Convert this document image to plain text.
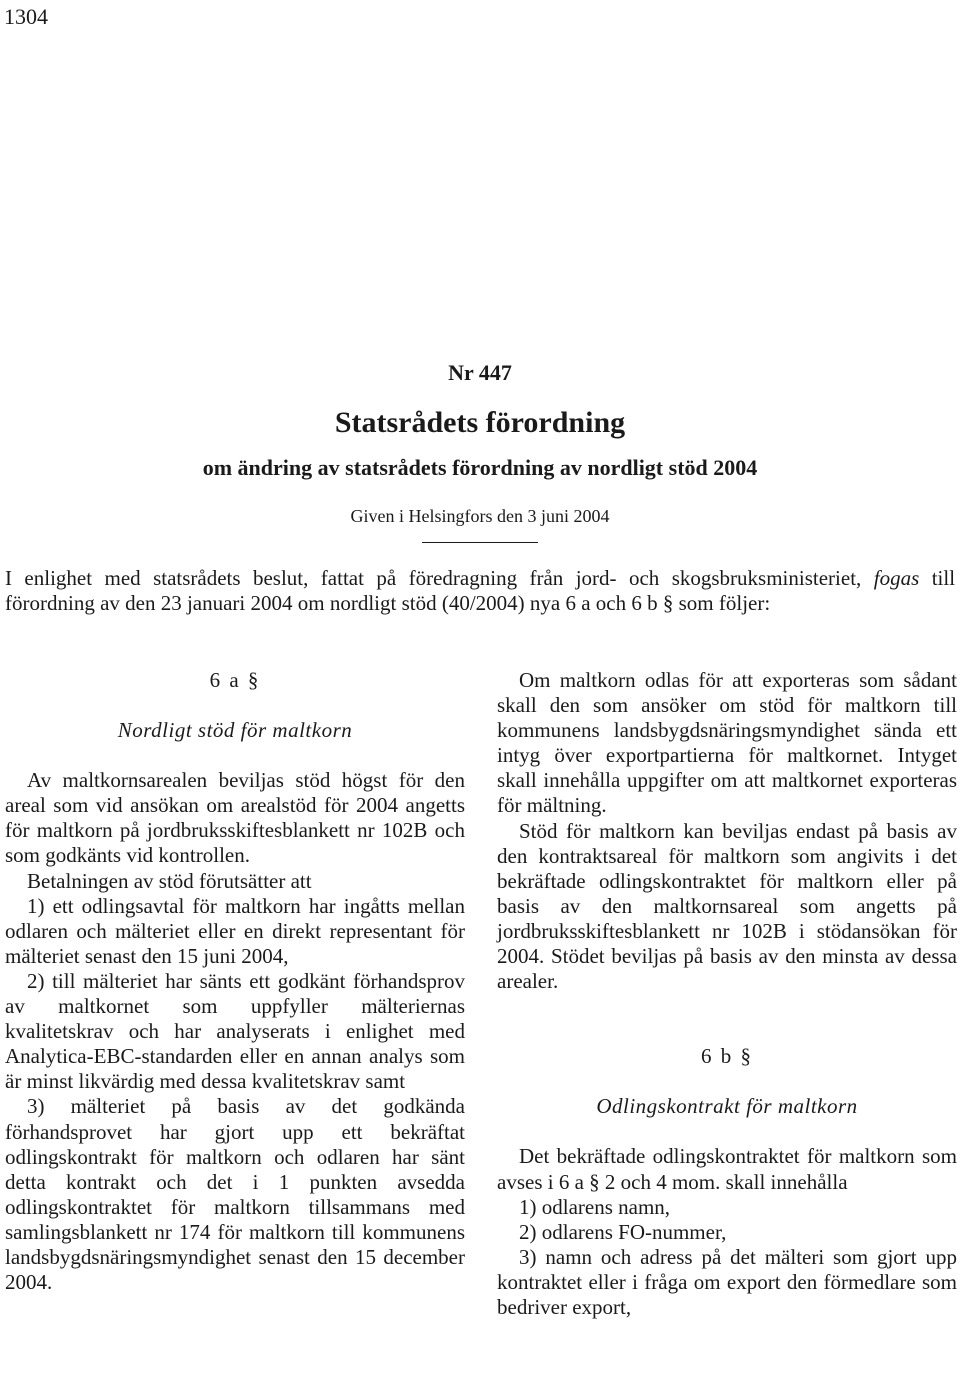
1304
Nr 447
Statsrådets förordning
om ändring av statsrådets förordning av nordligt stöd 2004
Given i Helsingfors den 3 juni 2004
I enlighet med statsrådets beslut, fattat på föredragning från jord- och skogsbruksministeriet, fogas till förordning av den 23 januari 2004 om nordligt stöd (40/2004) nya 6 a och 6 b § som följer:

6 a §

Nordligt stöd för maltkorn

Av maltkornsarealen beviljas stöd högst för den areal som vid ansökan om arealstöd för 2004 angetts för maltkorn på jordbruksskiftesblankett nr 102B och som godkänts vid kontrollen.

Betalningen av stöd förutsätter att

1) ett odlingsavtal för maltkorn har ingåtts mellan odlaren och mälteriet eller en direkt representant för mälteriet senast den 15 juni 2004,

2) till mälteriet har sänts ett godkänt förhandsprov av maltkornet som uppfyller mälteriernas kvalitetskrav och har analyserats i enlighet med Analytica-EBC-standarden eller en annan analys som är minst likvärdig med dessa kvalitetskrav samt

3) mälteriet på basis av det godkända förhandsprovet har gjort upp ett bekräftat odlingskontrakt för maltkorn och odlaren har sänt detta kontrakt och det i 1 punkten avsedda odlingskontraktet för maltkorn tillsammans med samlingsblankett nr 174 för maltkorn till kommunens landsbygdsnäringsmyndighet senast den 15 december 2004.

Om maltkorn odlas för att exporteras som sådant skall den som ansöker om stöd för maltkorn till kommunens landsbygdsnäringsmyndighet sända ett intyg över exportpartierna för maltkornet. Intyget skall innehålla uppgifter om att maltkornet exporteras för mältning.

Stöd för maltkorn kan beviljas endast på basis av den kontraktsareal för maltkorn som angivits i det bekräftade odlingskontraktet för maltkorn eller på basis av den maltkornsareal som angetts på jordbruksskiftesblankett nr 102B i stödansökan för 2004. Stödet beviljas på basis av den minsta av dessa arealer.

6 b §

Odlingskontrakt för maltkorn

Det bekräftade odlingskontraktet för maltkorn som avses i 6 a § 2 och 4 mom. skall innehålla

1) odlarens namn,

2) odlarens FO-nummer,

3) namn och adress på det mälteri som gjort upp kontraktet eller i fråga om export den förmedlare som bedriver export,
